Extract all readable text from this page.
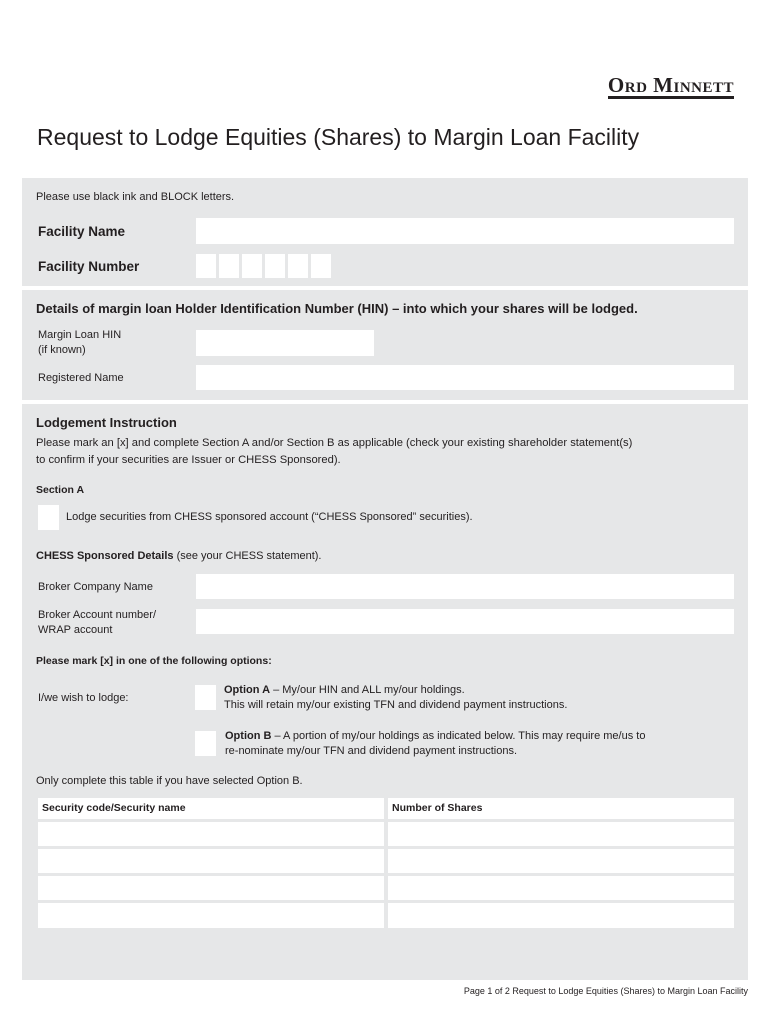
Ord Minnett
Request to Lodge Equities (Shares) to Margin Loan Facility
Please use black ink and BLOCK letters.
Facility Name
Facility Number
Details of margin loan Holder Identification Number (HIN) – into which your shares will be lodged.
Margin Loan HIN
(if known)
Registered Name
Lodgement Instruction
Please mark an [x] and complete Section A and/or Section B as applicable (check your existing shareholder statement(s)
to confirm if your securities are Issuer or CHESS Sponsored).
Section A
Lodge securities from CHESS sponsored account (“CHESS Sponsored” securities).
CHESS Sponsored Details (see your CHESS statement).
Broker Company Name
Broker Account number/
WRAP account
Please mark [x] in one of the following options:
I/we wish to lodge:
Option A – My/our HIN and ALL my/our holdings.
This will retain my/our existing TFN and dividend payment instructions.
Option B – A portion of my/our holdings as indicated below. This may require me/us to
re-nominate my/our TFN and dividend payment instructions.
Only complete this table if you have selected Option B.
Security code/Security name	Number of Shares
Page 1 of 2 Request to Lodge Equities (Shares) to Margin Loan Facility
